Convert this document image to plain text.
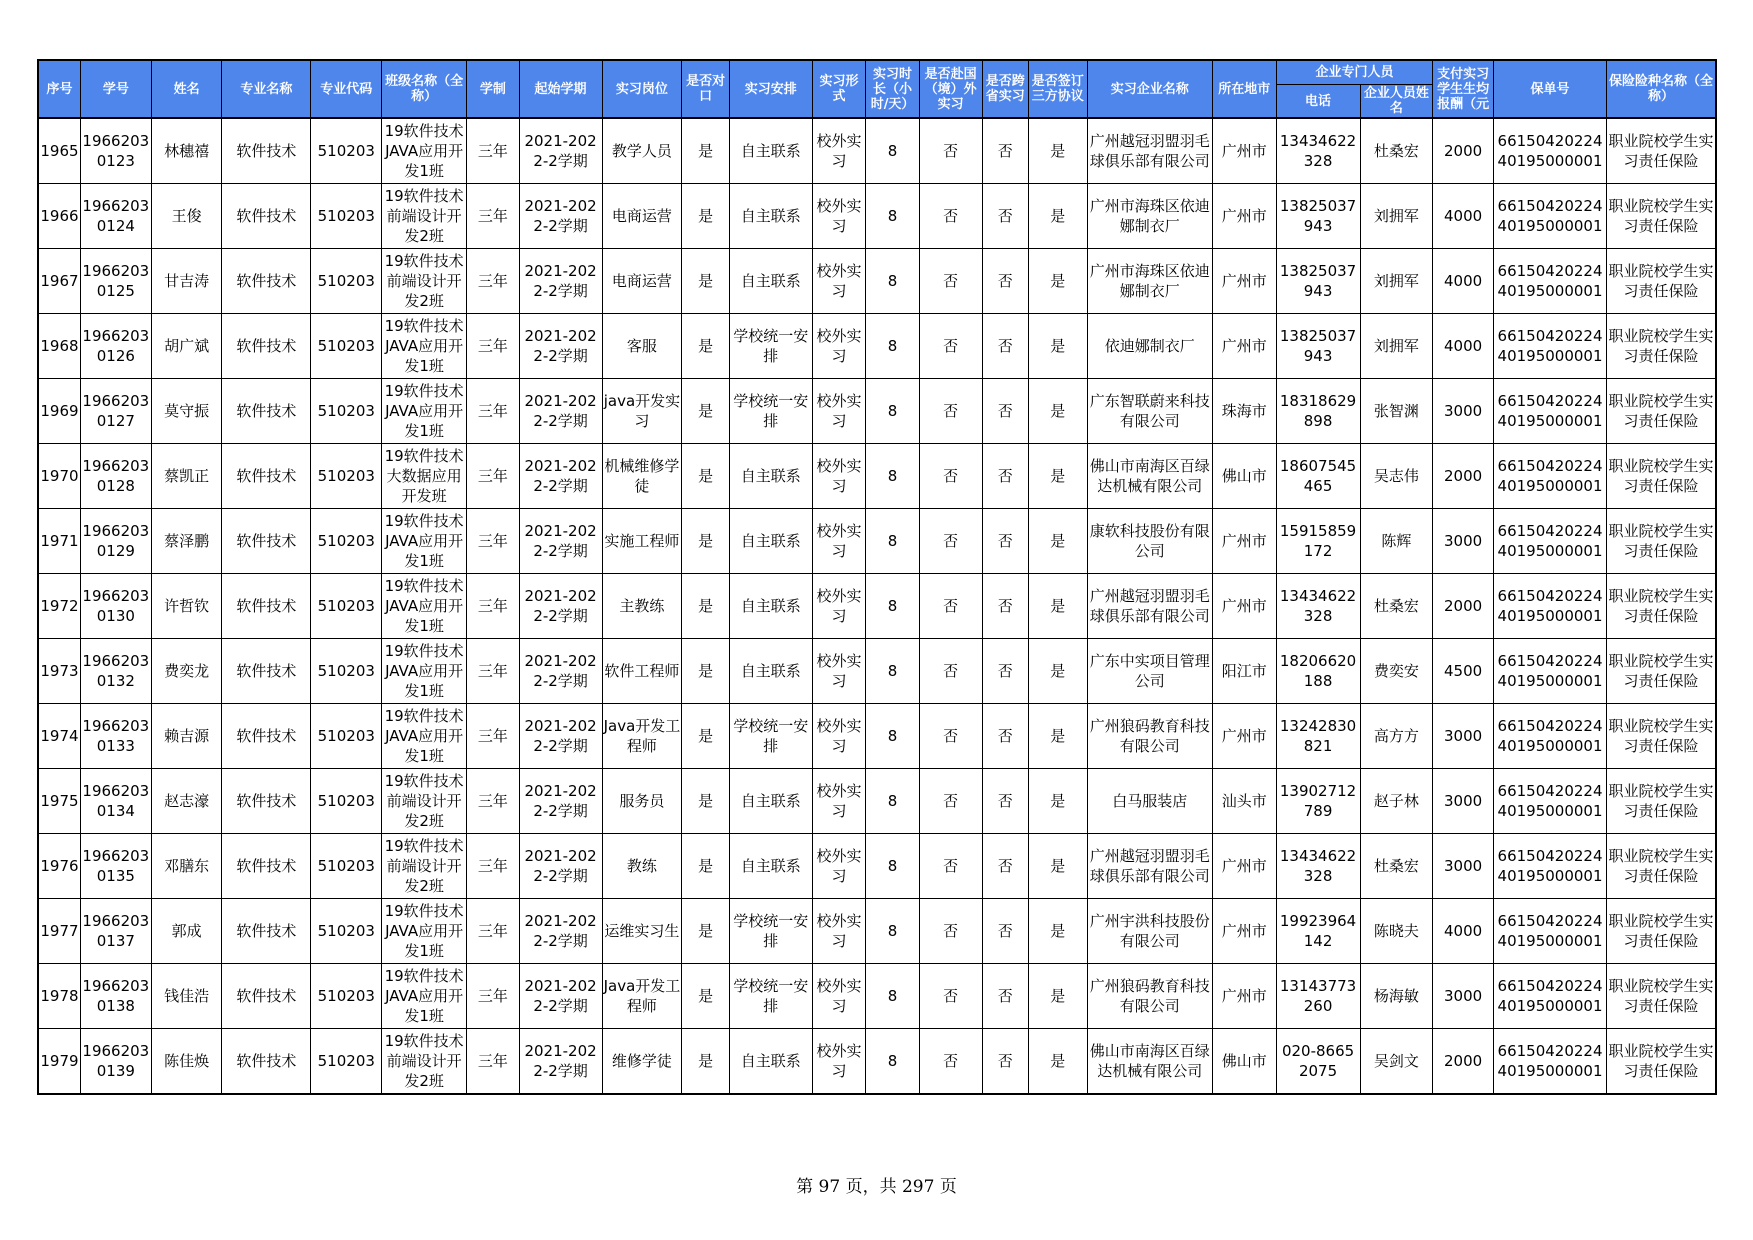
序号	学号	姓名	专业名称	专业代码	班级名称（全称）	学制	起始学期	实习岗位	是否对口	实习安排	实习形式	实习时长（小时/天）	是否赴国（境）外实习	是否跨省实习	是否签订三方协议	实习企业名称	所在地市	企业专门人员		支付实习学生生均报酬（元	保单号	保险险种名称（全称）
																		电话	企业人员姓名			
1965	19662030123	林穗禧	软件技术	510203	19软件技术JAVA应用开发1班	三年	2021-2022-2学期	教学人员	是	自主联系	校外实习	8	否	否	是	广州越冠羽盟羽毛球俱乐部有限公司	广州市	13434622328	杜桑宏	2000	6615042022440195000001	职业院校学生实习责任保险
1966	19662030124	王俊	软件技术	510203	19软件技术前端设计开发2班	三年	2021-2022-2学期	电商运营	是	自主联系	校外实习	8	否	否	是	广州市海珠区依迪娜制衣厂	广州市	13825037943	刘拥军	4000	6615042022440195000001	职业院校学生实习责任保险
1967	19662030125	甘吉涛	软件技术	510203	19软件技术前端设计开发2班	三年	2021-2022-2学期	电商运营	是	自主联系	校外实习	8	否	否	是	广州市海珠区依迪娜制衣厂	广州市	13825037943	刘拥军	4000	6615042022440195000001	职业院校学生实习责任保险
1968	19662030126	胡广斌	软件技术	510203	19软件技术JAVA应用开发1班	三年	2021-2022-2学期	客服	是	学校统一安排	校外实习	8	否	否	是	依迪娜制衣厂	广州市	13825037943	刘拥军	4000	6615042022440195000001	职业院校学生实习责任保险
1969	19662030127	莫守振	软件技术	510203	19软件技术JAVA应用开发1班	三年	2021-2022-2学期	java开发实习	是	学校统一安排	校外实习	8	否	否	是	广东智联蔚来科技有限公司	珠海市	18318629898	张智渊	3000	6615042022440195000001	职业院校学生实习责任保险
1970	19662030128	蔡凯正	软件技术	510203	19软件技术大数据应用开发班	三年	2021-2022-2学期	机械维修学徒	是	自主联系	校外实习	8	否	否	是	佛山市南海区百绿达机械有限公司	佛山市	18607545465	吴志伟	2000	6615042022440195000001	职业院校学生实习责任保险
1971	19662030129	蔡泽鹏	软件技术	510203	19软件技术JAVA应用开发1班	三年	2021-2022-2学期	实施工程师	是	自主联系	校外实习	8	否	否	是	康软科技股份有限公司	广州市	15915859172	陈辉	3000	6615042022440195000001	职业院校学生实习责任保险
1972	19662030130	许哲钦	软件技术	510203	19软件技术JAVA应用开发1班	三年	2021-2022-2学期	主教练	是	自主联系	校外实习	8	否	否	是	广州越冠羽盟羽毛球俱乐部有限公司	广州市	13434622328	杜桑宏	2000	6615042022440195000001	职业院校学生实习责任保险
1973	19662030132	费奕龙	软件技术	510203	19软件技术JAVA应用开发1班	三年	2021-2022-2学期	软件工程师	是	自主联系	校外实习	8	否	否	是	广东中实项目管理公司	阳江市	18206620188	费奕安	4500	6615042022440195000001	职业院校学生实习责任保险
1974	19662030133	赖吉源	软件技术	510203	19软件技术JAVA应用开发1班	三年	2021-2022-2学期	Java开发工程师	是	学校统一安排	校外实习	8	否	否	是	广州狼码教育科技有限公司	广州市	13242830821	高方方	3000	6615042022440195000001	职业院校学生实习责任保险
1975	19662030134	赵志濠	软件技术	510203	19软件技术前端设计开发2班	三年	2021-2022-2学期	服务员	是	自主联系	校外实习	8	否	否	是	白马服装店	汕头市	13902712789	赵子林	3000	6615042022440195000001	职业院校学生实习责任保险
1976	19662030135	邓膳东	软件技术	510203	19软件技术前端设计开发2班	三年	2021-2022-2学期	教练	是	自主联系	校外实习	8	否	否	是	广州越冠羽盟羽毛球俱乐部有限公司	广州市	13434622328	杜桑宏	3000	6615042022440195000001	职业院校学生实习责任保险
1977	19662030137	郭成	软件技术	510203	19软件技术JAVA应用开发1班	三年	2021-2022-2学期	运维实习生	是	学校统一安排	校外实习	8	否	否	是	广州宇洪科技股份有限公司	广州市	19923964142	陈晓夫	4000	6615042022440195000001	职业院校学生实习责任保险
1978	19662030138	钱佳浩	软件技术	510203	19软件技术JAVA应用开发1班	三年	2021-2022-2学期	Java开发工程师	是	学校统一安排	校外实习	8	否	否	是	广州狼码教育科技有限公司	广州市	13143773260	杨海敏	3000	6615042022440195000001	职业院校学生实习责任保险
1979	19662030139	陈佳焕	软件技术	510203	19软件技术前端设计开发2班	三年	2021-2022-2学期	维修学徒	是	自主联系	校外实习	8	否	否	是	佛山市南海区百绿达机械有限公司	佛山市	020-86652075	吴剑文	2000	6615042022440195000001	职业院校学生实习责任保险
第 97 页，共 297 页
